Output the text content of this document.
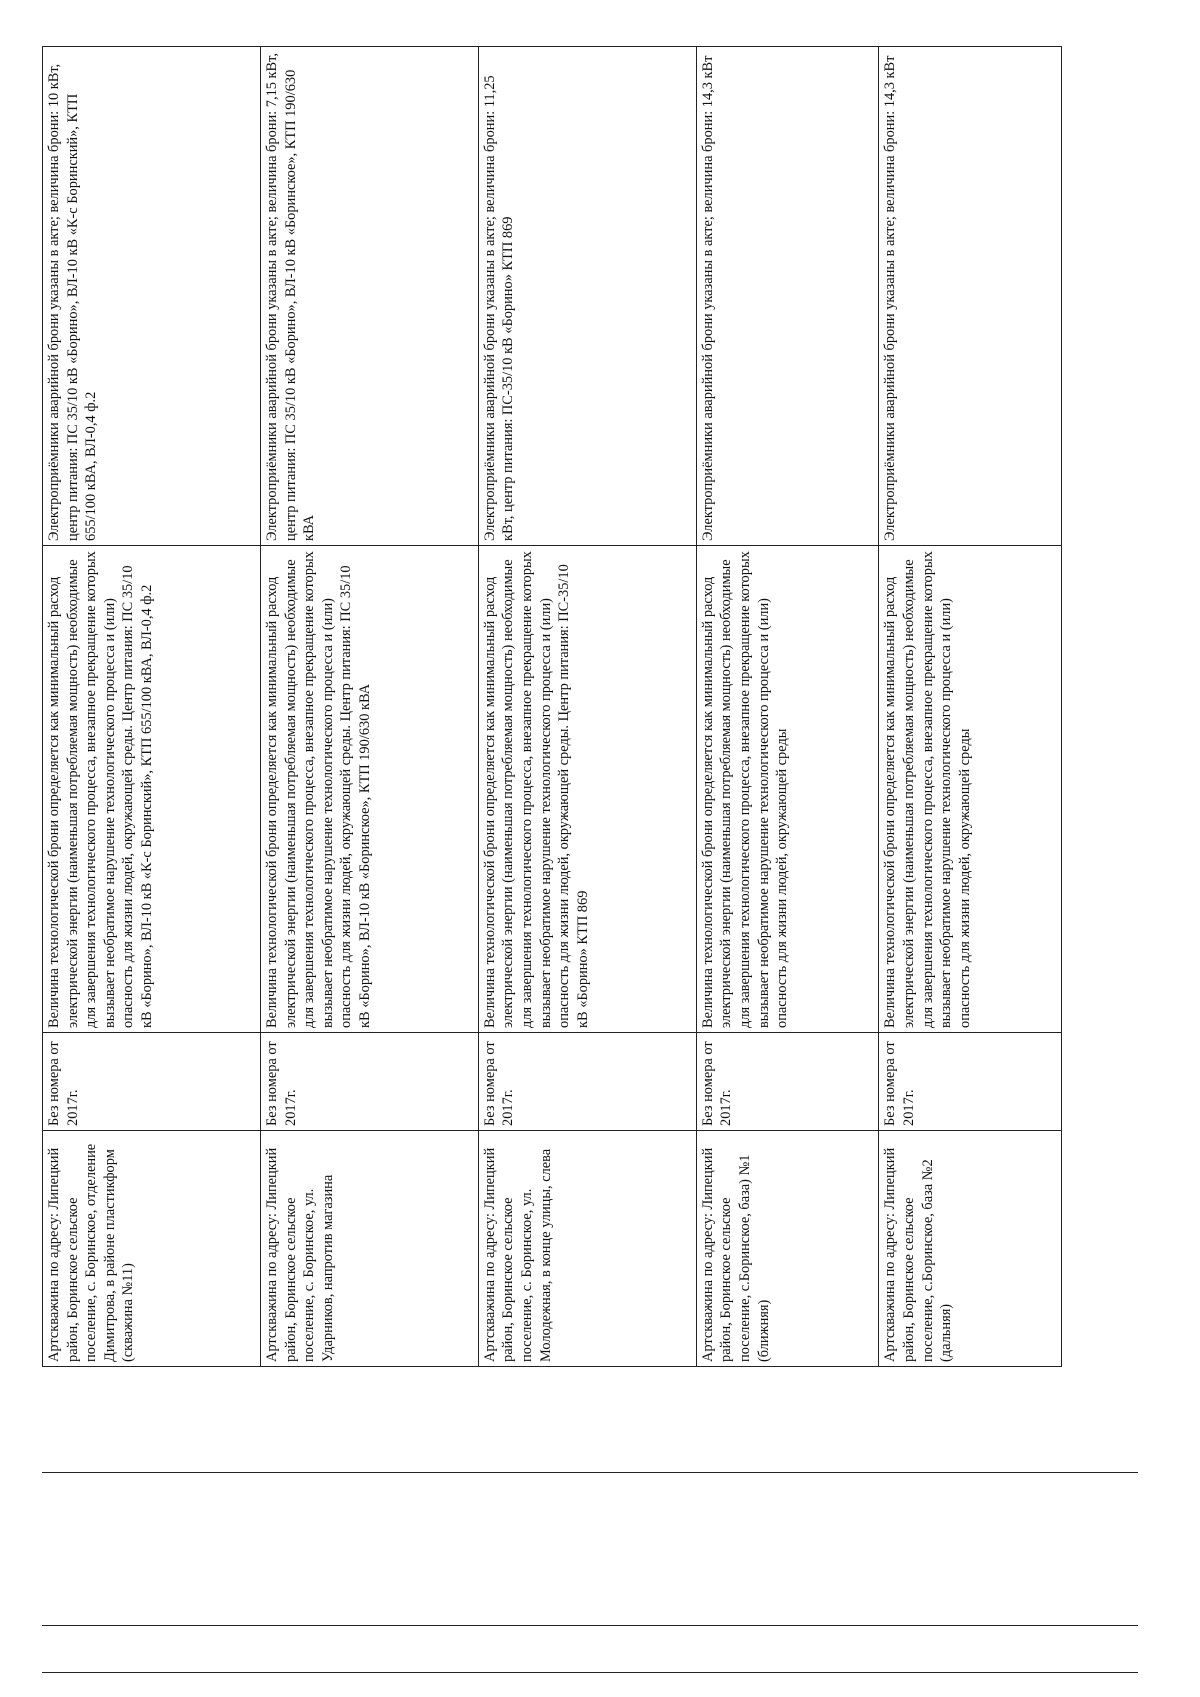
Артскважина по адресу: Липецкий район, Боринское сельское поселение, с. Боринское, отделение Димитрова, в районе пластикформ (скважина №11)	Без номера от 2017г.	Величина технологической брони определяется как минимальный расход электрической энергии (наименьшая потребляемая мощность) необходимые для завершения технологического процесса, внезапное прекращение которых вызывает необратимое нарушение технологического процесса и (или) опасность для жизни людей, окружающей среды. Центр питания: ПС 35/10 кВ «Борино», ВЛ-10 кВ «К-с Боринский», КТП 655/100 кВА, ВЛ-0,4 ф.2	Электроприёмники аварийной брони указаны в акте; величина брони: 10 кВт, центр питания: ПС 35/10 кВ «Борино», ВЛ-10 кВ «К-с Боринский», КТП 655/100 кВА, ВЛ-0,4 ф.2
Артскважина по адресу: Липецкий район, Боринское сельское поселение, с. Боринское, ул. Ударников, напротив магазина	Без номера от 2017г.	Величина технологической брони определяется как минимальный расход электрической энергии (наименьшая потребляемая мощность) необходимые для завершения технологического процесса, внезапное прекращение которых вызывает необратимое нарушение технологического процесса и (или) опасность для жизни людей, окружающей среды. Центр питания: ПС 35/10 кВ «Борино», ВЛ-10 кВ «Боринское», КТП 190/630 кВА	Электроприёмники аварийной брони указаны в акте; величина брони: 7,15 кВт, центр питания: ПС 35/10 кВ «Борино», ВЛ-10 кВ «Боринское», КТП 190/630 кВА
Артскважина по адресу: Липецкий район, Боринское сельское поселение, с. Боринское, ул. Молодежная, в конце улицы, слева	Без номера от 2017г.	Величина технологической брони определяется как минимальный расход электрической энергии (наименьшая потребляемая мощность) необходимые для завершения технологического процесса, внезапное прекращение которых вызывает необратимое нарушение технологического процесса и (или) опасность для жизни людей, окружающей среды. Центр питания: ПС-35/10 кВ «Борино» КТП 869	Электроприёмники аварийной брони указаны в акте; величина брони: 11,25 кВт, центр питания: ПС-35/10 кВ «Борино» КТП 869
Артскважина по адресу: Липецкий район, Боринское сельское поселение, с.Боринское, база) №1 (ближняя)	Без номера от 2017г.	Величина технологической брони определяется как минимальный расход электрической энергии (наименьшая потребляемая мощность) необходимые для завершения технологического процесса, внезапное прекращение которых вызывает необратимое нарушение технологического процесса и (или) опасность для жизни людей, окружающей среды	Электроприёмники аварийной брони указаны в акте; величина брони: 14,3 кВт
Артскважина по адресу: Липецкий район, Боринское сельское поселение, с.Боринское, база №2 (дальняя)	Без номера от 2017г.	Величина технологической брони определяется как минимальный расход электрической энергии (наименьшая потребляемая мощность) необходимые для завершения технологического процесса, внезапное прекращение которых вызывает необратимое нарушение технологического процесса и (или) опасность для жизни людей, окружающей среды	Электроприёмники аварийной брони указаны в акте; величина брони: 14,3 кВт
